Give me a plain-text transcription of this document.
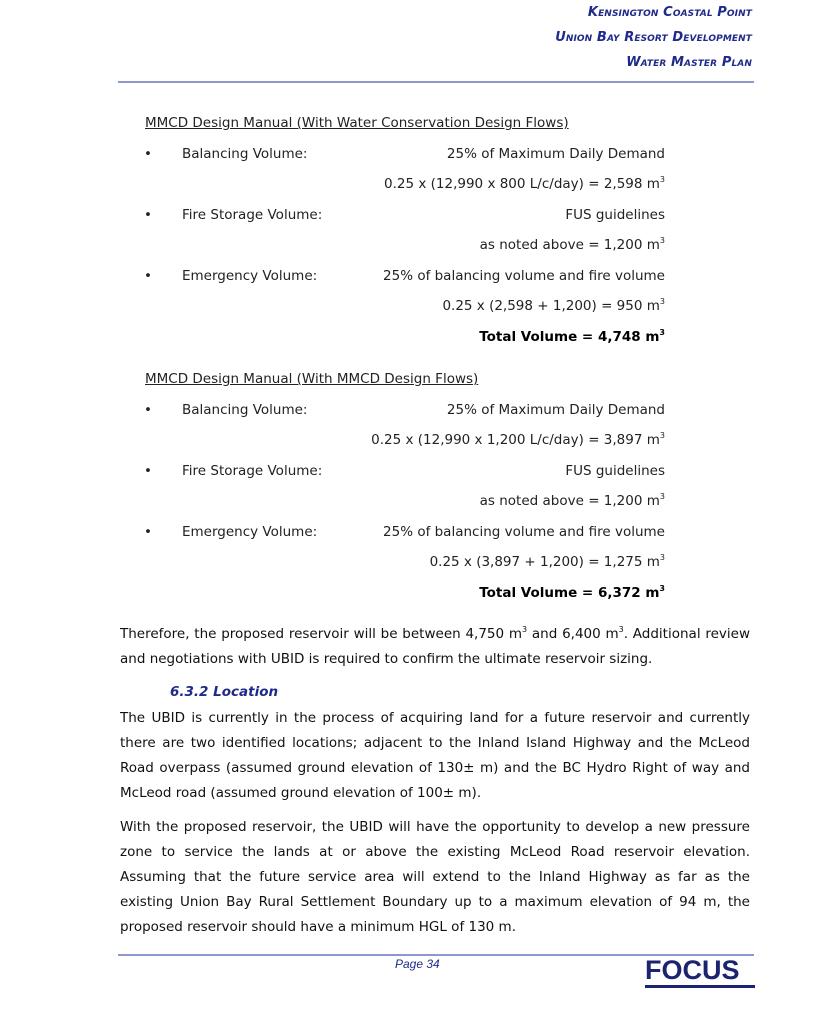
Kensington Coastal Point
Union Bay Resort Development
Water Master Plan
MMCD Design Manual (With Water Conservation Design Flows)
• Balancing Volume:	25% of Maximum Daily Demand
0.25 x (12,990 x 800 L/c/day) = 2,598 $m^3$
• Fire Storage Volume:	FUS guidelines
as noted above = 1,200 $m^3$
• Emergency Volume:	25% of balancing volume and fire volume
0.25 x (2,598 + 1,200) = 950 $m^3$
Total Volume = 4,748 $m^3$
MMCD Design Manual (With MMCD Design Flows)
• Balancing Volume:	25% of Maximum Daily Demand
0.25 x (12,990 x 1,200 L/c/day) = 3,897 $m^3$
• Fire Storage Volume:	FUS guidelines
as noted above = 1,200 $m^3$
• Emergency Volume:	25% of balancing volume and fire volume
0.25 x (3,897 + 1,200) = 1,275 $m^3$
Total Volume = 6,372 $m^3$
Therefore, the proposed reservoir will be between 4,750 $m^3$ and 6,400 $m^3$. Additional review and negotiations with UBID is required to confirm the ultimate reservoir sizing.
6.3.2 Location
The UBID is currently in the process of acquiring land for a future reservoir and currently there are two identified locations; adjacent to the Inland Island Highway and the McLeod Road overpass (assumed ground elevation of 130± m) and the BC Hydro Right of way and McLeod road (assumed ground elevation of 100± m).
With the proposed reservoir, the UBID will have the opportunity to develop a new pressure zone to service the lands at or above the existing McLeod Road reservoir elevation. Assuming that the future service area will extend to the Inland Highway as far as the existing Union Bay Rural Settlement Boundary up to a maximum elevation of 94 m, the proposed reservoir should have a minimum HGL of 130 m.
Page 34	FOCUS
